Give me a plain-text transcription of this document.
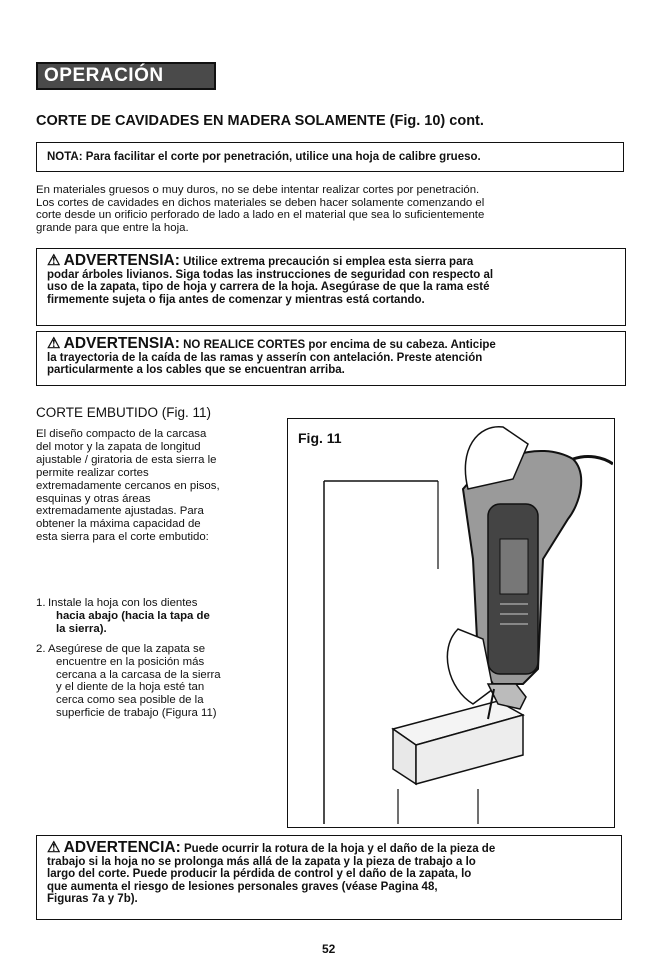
OPERACIÓN cont.
CORTE DE CAVIDADES EN MADERA SOLAMENTE (Fig. 10) cont.
NOTA: Para facilitar el corte por penetración, utilice una hoja de calibre grueso.
En materiales gruesos o muy duros, no se debe intentar realizar cortes por penetración.
Los cortes de cavidades en dichos materiales se deben hacer solamente comenzando el
corte desde un orificio perforado de lado a lado en el material que sea lo suficientemente
grande para que entre la hoja.
⚠ ADVERTENSIA: Utilice extrema precaución si emplea esta sierra para
podar árboles livianos. Siga todas las instrucciones de seguridad con respecto al
uso de la zapata, tipo de hoja y carrera de la hoja. Asegúrase de que la rama esté
firmemente sujeta o fija antes de comenzar y mientras está cortando.
⚠ ADVERTENSIA: NO REALICE CORTES por encima de su cabeza. Anticipe
la trayectoria de la caída de las ramas y asserín con antelación. Preste atención
particularmente a los cables que se encuentran arriba.
CORTE EMBUTIDO (Fig. 11)
El diseño compacto de la carcasa
del motor y la zapata de longitud
ajustable / giratoria de esta sierra le
permite realizar cortes
extremadamente cercanos en pisos,
esquinas y otras áreas
extremadamente ajustadas. Para
obtener la máxima capacidad de
esta sierra para el corte embutido:
1. Instale la hoja con los dientes
hacia abajo (hacia la tapa de
la sierra).
2. Asegúrese de que la zapata se
encuentre en la posición más
cercana a la carcasa de la sierra
y el diente de la hoja esté tan
cerca como sea posible de la
superficie de trabajo (Figura 11)
Fig. 11
⚠ ADVERTENCIA: Puede ocurrir la rotura de la hoja y el daño de la pieza de
trabajo si la hoja no se prolonga más allá de la zapata y la pieza de trabajo a lo
largo del corte. Puede producir la pérdida de control y el daño de la zapata, lo
que aumenta el riesgo de lesiones personales graves (véase Pagina 48,
Figuras 7a y 7b).
52
